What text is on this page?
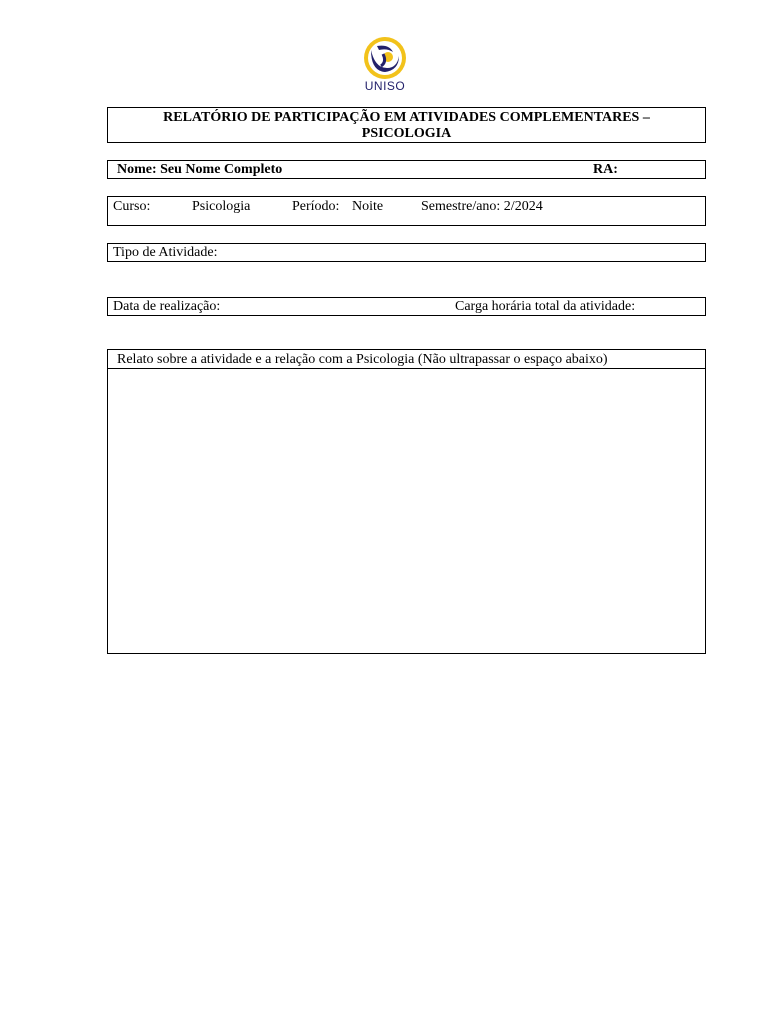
UNISO
RELATÓRIO DE PARTICIPAÇÃO EM ATIVIDADES COMPLEMENTARES –
PSICOLOGIA
Nome: Seu Nome Completo	RA:
Curso:	Psicologia	Período: Noite	Semestre/ano: 2/2024
Tipo de Atividade:
Data de realização:	Carga horária total da atividade:
Relato sobre a atividade e a relação com a Psicologia (Não ultrapassar o espaço abaixo)
